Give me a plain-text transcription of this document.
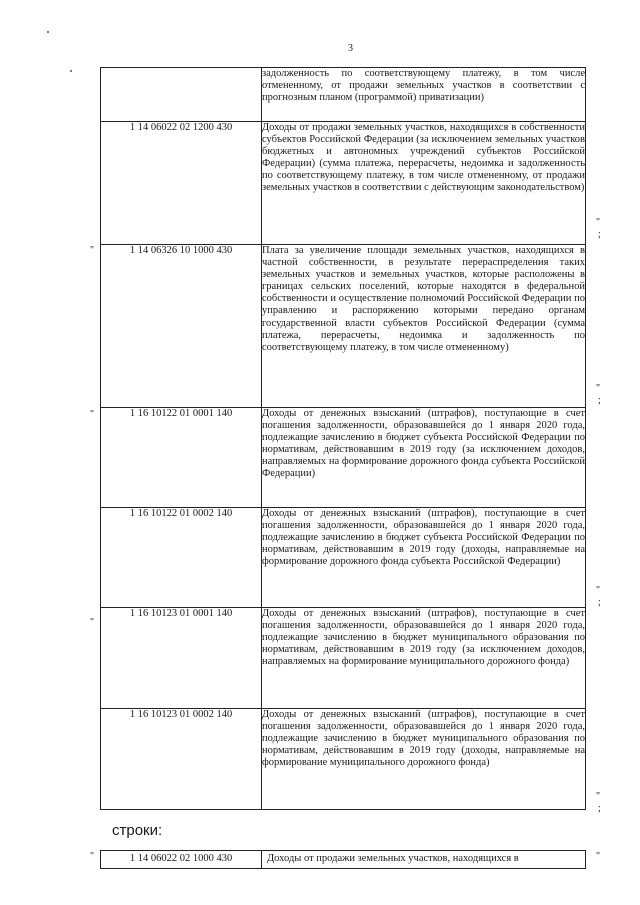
3

	задолженность по соответствующему платежу, в том числе отмененному, от продажи земельных участков в соответствии с прогнозным планом (программой) приватизации)

1 14 06022 02 1200 430	Доходы от продажи земельных участков, находящихся в собственности субъектов Российской Федерации (за исключением земельных участков бюджетных и автономных учреждений субъектов Российской Федерации) (сумма платежа, перерасчеты, недоимка и задолженность по соответствующему платежу, в том числе отмененному, от продажи земельных участков в соответствии с действующим законодательством)

1 14 06326 10 1000 430	Плата за увеличение площади земельных участков, находящихся в частной собственности, в результате перераспределения таких земельных участков и земельных участков, которые расположены в границах сельских поселений, которые находятся в федеральной собственности и осуществление полномочий Российской Федерации по управлению и распоряжению которыми передано органам государственной власти субъектов Российской Федерации (сумма платежа, перерасчеты, недоимка и задолженность по соответствующему платежу, в том числе отмененному)

1 16 10122 01 0001 140	Доходы от денежных взысканий (штрафов), поступающие в счет погашения задолженности, образовавшейся до 1 января 2020 года, подлежащие зачислению в бюджет субъекта Российской Федерации по нормативам, действовавшим в 2019 году (за исключением доходов, направляемых на формирование дорожного фонда субъекта Российской Федерации)

1 16 10122 01 0002 140	Доходы от денежных взысканий (штрафов), поступающие в счет погашения задолженности, образовавшейся до 1 января 2020 года, подлежащие зачислению в бюджет субъекта Российской Федерации по нормативам, действовавшим в 2019 году (доходы, направляемые на формирование дорожного фонда субъекта Российской Федерации)

1 16 10123 01 0001 140	Доходы от денежных взысканий (штрафов), поступающие в счет погашения задолженности, образовавшейся до 1 января 2020 года, подлежащие зачислению в бюджет муниципального образования по нормативам, действовавшим в 2019 году (за исключением доходов, направляемых на формирование муниципального дорожного фонда)

1 16 10123 01 0002 140	Доходы от денежных взысканий (штрафов), поступающие в счет погашения задолженности, образовавшейся до 1 января 2020 года, подлежащие зачислению в бюджет муниципального образования по нормативам, действовавшим в 2019 году (доходы, направляемые на формирование муниципального дорожного фонда)
"
"
;
"
"
;
"
;
"
"
;
строки:
"	1 14 06022 02 1000 430	Доходы от продажи земельных участков, находящихся в	"
